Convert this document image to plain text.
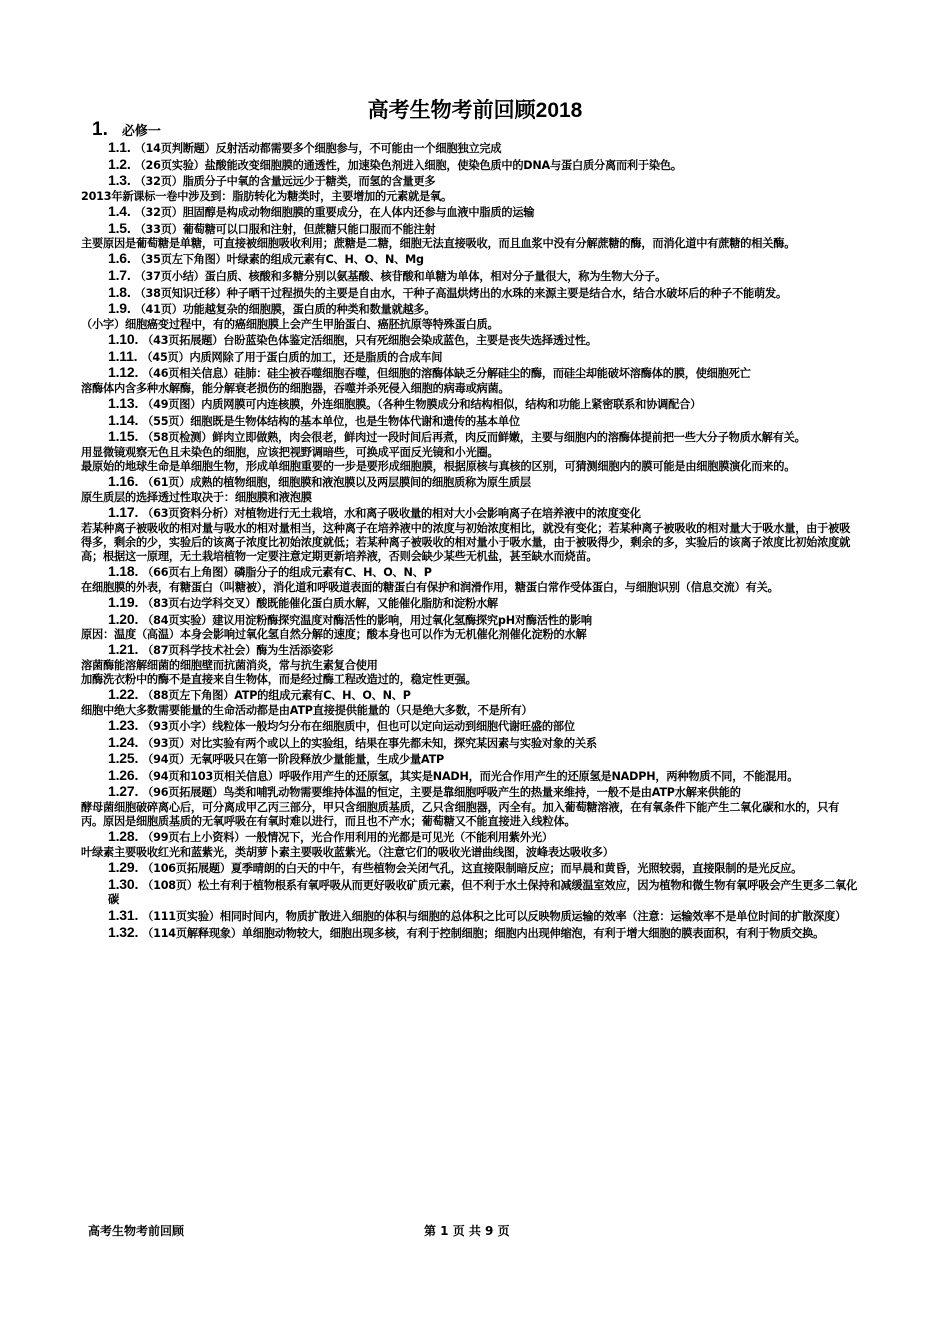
高考生物考前回顾2018
1. 必修一
1.1. （14页判断题）反射活动都需要多个细胞参与，不可能由一个细胞独立完成
1.2. （26页实验）盐酸能改变细胞膜的通透性，加速染色剂进入细胞，使染色质中的DNA与蛋白质分离而利于染色。
1.3. （32页）脂质分子中氧的含量远远少于糖类，而氢的含量更多
2013年新课标一卷中涉及到：脂肪转化为糖类时，主要增加的元素就是氧。
1.4. （32页）胆固醇是构成动物细胞膜的重要成分，在人体内还参与血液中脂质的运输
1.5. （33页）葡萄糖可以口服和注射，但蔗糖只能口服而不能注射
主要原因是葡萄糖是单糖，可直接被细胞吸收利用；蔗糖是二糖，细胞无法直接吸收，而且血浆中没有分解蔗糖的酶，而消化道中有蔗糖的相关酶。
1.6. （35页左下角图）叶绿素的组成元素有C、H、O、N、Mg
1.7. （37页小结）蛋白质、核酸和多糖分别以氨基酸、核苷酸和单糖为单体，相对分子量很大，称为生物大分子。
1.8. （38页知识迁移）种子晒干过程损失的主要是自由水，干种子高温烘烤出的水珠的来源主要是结合水，结合水破坏后的种子不能萌发。
1.9. （41页）功能越复杂的细胞膜，蛋白质的种类和数量就越多。
（小字）细胞癌变过程中，有的癌细胞膜上会产生甲胎蛋白、癌胚抗原等特殊蛋白质。
1.10. （43页拓展题）台盼蓝染色体鉴定活细胞，只有死细胞会染成蓝色，主要是丧失选择透过性。
1.11. （45页）内质网除了用于蛋白质的加工，还是脂质的合成车间
1.12. （46页相关信息）硅肺：硅尘被吞噬细胞吞噬，但细胞的溶酶体缺乏分解硅尘的酶，而硅尘却能破坏溶酶体的膜，使细胞死亡
溶酶体内含多种水解酶，能分解衰老损伤的细胞器，吞噬并杀死侵入细胞的病毒或病菌。
1.13. （49页图）内质网膜可内连核膜，外连细胞膜。（各种生物膜成分和结构相似，结构和功能上紧密联系和协调配合）
1.14. （55页）细胞既是生物体结构的基本单位，也是生物体代谢和遗传的基本单位
1.15. （58页检测）鲜肉立即做熟，肉会很老，鲜肉过一段时间后再煮，肉反而鲜嫩，主要与细胞内的溶酶体提前把一些大分子物质水解有关。
用显微镜观察无色且未染色的细胞，应该把视野调暗些，可换成平面反光镜和小光圈。
最原始的地球生命是单细胞生物，形成单细胞重要的一步是要形成细胞膜，根据原核与真核的区别，可猜测细胞内的膜可能是由细胞膜演化而来的。
1.16. （61页）成熟的植物细胞，细胞膜和液泡膜以及两层膜间的细胞质称为原生质层
原生质层的选择透过性取决于：细胞膜和液泡膜
1.17. （63页资料分析）对植物进行无土栽培，水和离子吸收量的相对大小会影响离子在培养液中的浓度变化
若某种离子被吸收的相对量与吸水的相对量相当，这种离子在培养液中的浓度与初始浓度相比，就没有变化；若某种离子被吸收的相对量大于吸水量，由于被吸得多，剩余的少，实验后的该离子浓度比初始浓度就低；若某种离子被吸收的相对量小于吸水量，由于被吸得少，剩余的多，实验后的该离子浓度比初始浓度就高；根据这一原理，无土栽培植物一定要注意定期更新培养液，否则会缺少某些无机盐，甚至缺水而烧苗。
1.18. （66页右上角图）磷脂分子的组成元素有C、H、O、N、P
在细胞膜的外表，有糖蛋白（叫糖被），消化道和呼吸道表面的糖蛋白有保护和润滑作用，糖蛋白常作受体蛋白，与细胞识别（信息交流）有关。
1.19. （83页右边学科交叉）酸既能催化蛋白质水解，又能催化脂肪和淀粉水解
1.20. （84页实验）建议用淀粉酶探究温度对酶活性的影响，用过氧化氢酶探究pH对酶活性的影响
原因：温度（高温）本身会影响过氧化氢自然分解的速度；酸本身也可以作为无机催化剂催化淀粉的水解
1.21. （87页科学技术社会）酶为生活添姿彩
溶菌酶能溶解细菌的细胞壁而抗菌消炎，常与抗生素复合使用
加酶洗衣粉中的酶不是直接来自生物体，而是经过酶工程改造过的，稳定性更强。
1.22. （88页左下角图）ATP的组成元素有C、H、O、N、P
细胞中绝大多数需要能量的生命活动都是由ATP直接提供能量的（只是绝大多数，不是所有）
1.23. （93页小字）线粒体一般均匀分布在细胞质中，但也可以定向运动到细胞代谢旺盛的部位
1.24. （93页）对比实验有两个或以上的实验组，结果在事先都未知，探究某因素与实验对象的关系
1.25. （94页）无氧呼吸只在第一阶段释放少量能量，生成少量ATP
1.26. （94页和103页相关信息）呼吸作用产生的还原氢，其实是NADH，而光合作用产生的还原氢是NADPH，两种物质不同，不能混用。
1.27. （96页拓展题）鸟类和哺乳动物需要维持体温的恒定，主要是靠细胞呼吸产生的热量来维持，一般不是由ATP水解来供能的
酵母菌细胞破碎离心后，可分离成甲乙丙三部分，甲只含细胞质基质，乙只含细胞器，丙全有。加入葡萄糖溶液，在有氧条件下能产生二氧化碳和水的，只有丙。原因是细胞质基质的无氧呼吸在有氧时难以进行，而且也不产水；葡萄糖又不能直接进入线粒体。
1.28. （99页右上小资料）一般情况下，光合作用利用的光都是可见光（不能利用紫外光）
叶绿素主要吸收红光和蓝紫光，类胡萝卜素主要吸收蓝紫光。（注意它们的吸收光谱曲线图，波峰表达吸收多）
1.29. （106页拓展题）夏季晴朗的白天的中午，有些植物会关闭气孔，这直接限制暗反应；而早晨和黄昏，光照较弱，直接限制的是光反应。
1.30. （108页）松土有利于植物根系有氧呼吸从而更好吸收矿质元素，但不利于水土保持和减缓温室效应，因为植物和微生物有氧呼吸会产生更多二氧化碳
1.31. （111页实验）相同时间内，物质扩散进入细胞的体积与细胞的总体积之比可以反映物质运输的效率（注意：运输效率不是单位时间的扩散深度）
1.32. （114页解释现象）单细胞动物较大，细胞出现多核，有利于控制细胞；细胞内出现伸缩泡，有利于增大细胞的膜表面积，有利于物质交换。
高考生物考前回顾	第 1 页 共 9 页
